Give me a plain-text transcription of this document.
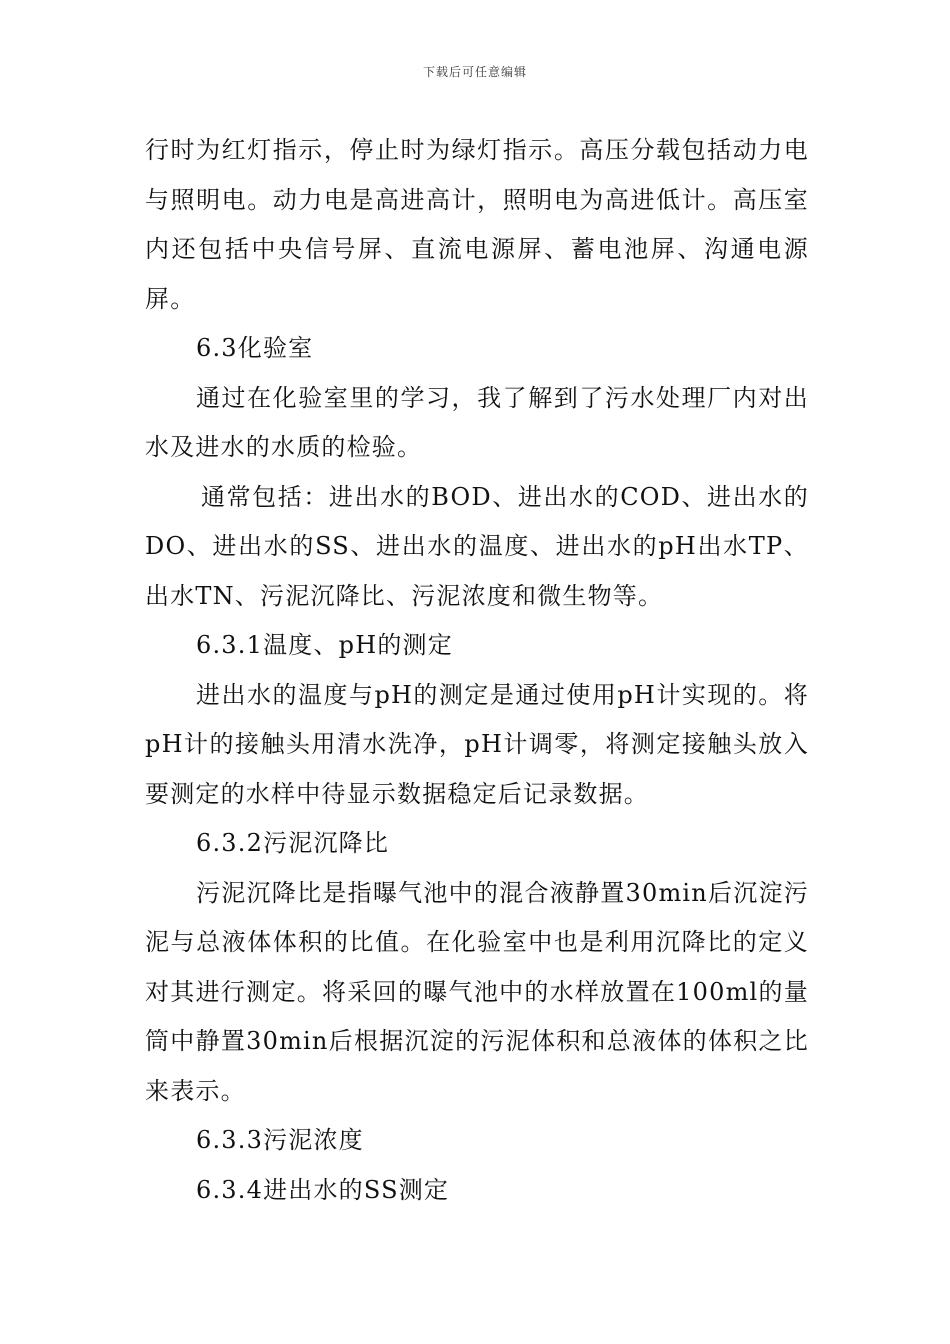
下载后可任意编辑

行时为红灯指示，停止时为绿灯指示。高压分载包括动力电与照明电。动力电是高进高计，照明电为高进低计。高压室内还包括中央信号屏、直流电源屏、蓄电池屏、沟通电源屏。

6.3化验室

通过在化验室里的学习，我了解到了污水处理厂内对出水及进水的水质的检验。

通常包括：进出水的BOD、进出水的COD、进出水的DO、进出水的SS、进出水的温度、进出水的pH出水TP、出水TN、污泥沉降比、污泥浓度和微生物等。

6.3.1温度、pH的测定

进出水的温度与pH的测定是通过使用pH计实现的。将pH计的接触头用清水洗净，pH计调零，将测定接触头放入要测定的水样中待显示数据稳定后记录数据。

6.3.2污泥沉降比

污泥沉降比是指曝气池中的混合液静置30min后沉淀污泥与总液体体积的比值。在化验室中也是利用沉降比的定义对其进行测定。将采回的曝气池中的水样放置在100ml的量筒中静置30min后根据沉淀的污泥体积和总液体的体积之比来表示。

6.3.3污泥浓度
6.3.4进出水的SS测定
